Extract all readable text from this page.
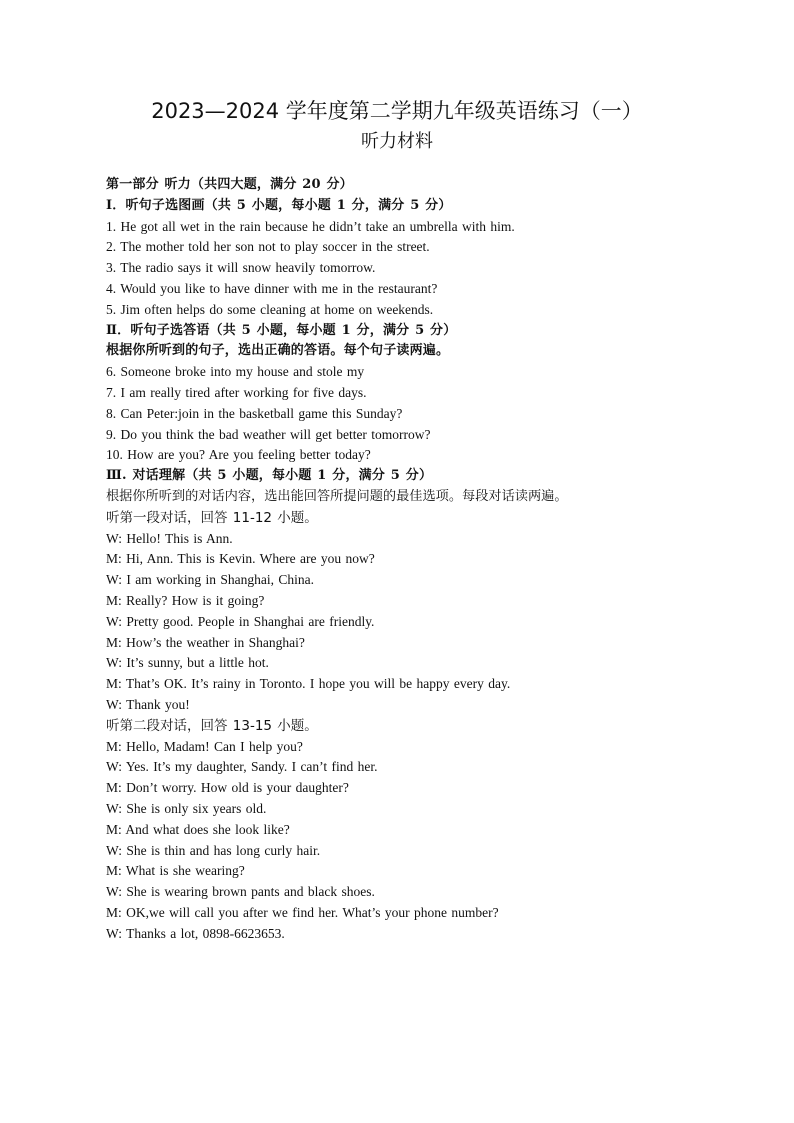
2023—2024 学年度第二学期九年级英语练习（一）
听力材料
第一部分 听力（共四大题，满分 20 分）
Ⅰ．听句子选图画（共 5 小题，每小题 1 分，满分 5 分）
1. He got all wet in the rain because he didn’t take an umbrella with him.
2. The mother told her son not to play soccer in the street.
3. The radio says it will snow heavily tomorrow.
4. Would you like to have dinner with me in the restaurant?
5. Jim often helps do some cleaning at home on weekends.
Ⅱ．听句子选答语（共 5 小题，每小题 1 分，满分 5 分）
根据你所听到的句子，选出正确的答语。每个句子读两遍。
6. Someone broke into my house and stole my
7. I am really tired after working for five days.
8. Can Peter:join in the basketball game this Sunday?
9. Do you think the bad weather will get better tomorrow?
10. How are you? Are you feeling better today?
Ⅲ. 对话理解（共 5 小题，每小题 1 分，满分 5 分）
根据你所听到的对话内容，选出能回答所提问题的最佳选项。每段对话读两遍。
听第一段对话，回答 11-12 小题。
W: Hello! This is Ann.
M: Hi, Ann. This is Kevin. Where are you now?
W: I am working in Shanghai, China.
M: Really? How is it going?
W: Pretty good. People in Shanghai are friendly.
M: How’s the weather in Shanghai?
W: It’s sunny, but a little hot.
M: That’s OK. It’s rainy in Toronto. I hope you will be happy every day.
W: Thank you!
听第二段对话，回答 13-15 小题。
M: Hello, Madam! Can I help you?
W: Yes. It’s my daughter, Sandy. I can’t find her.
M: Don’t worry. How old is your daughter?
W: She is only six years old.
M: And what does she look like?
W: She is thin and has long curly hair.
M: What is she wearing?
W: She is wearing brown pants and black shoes.
M: OK,we will call you after we find her. What’s your phone number?
W: Thanks a lot, 0898-6623653.
